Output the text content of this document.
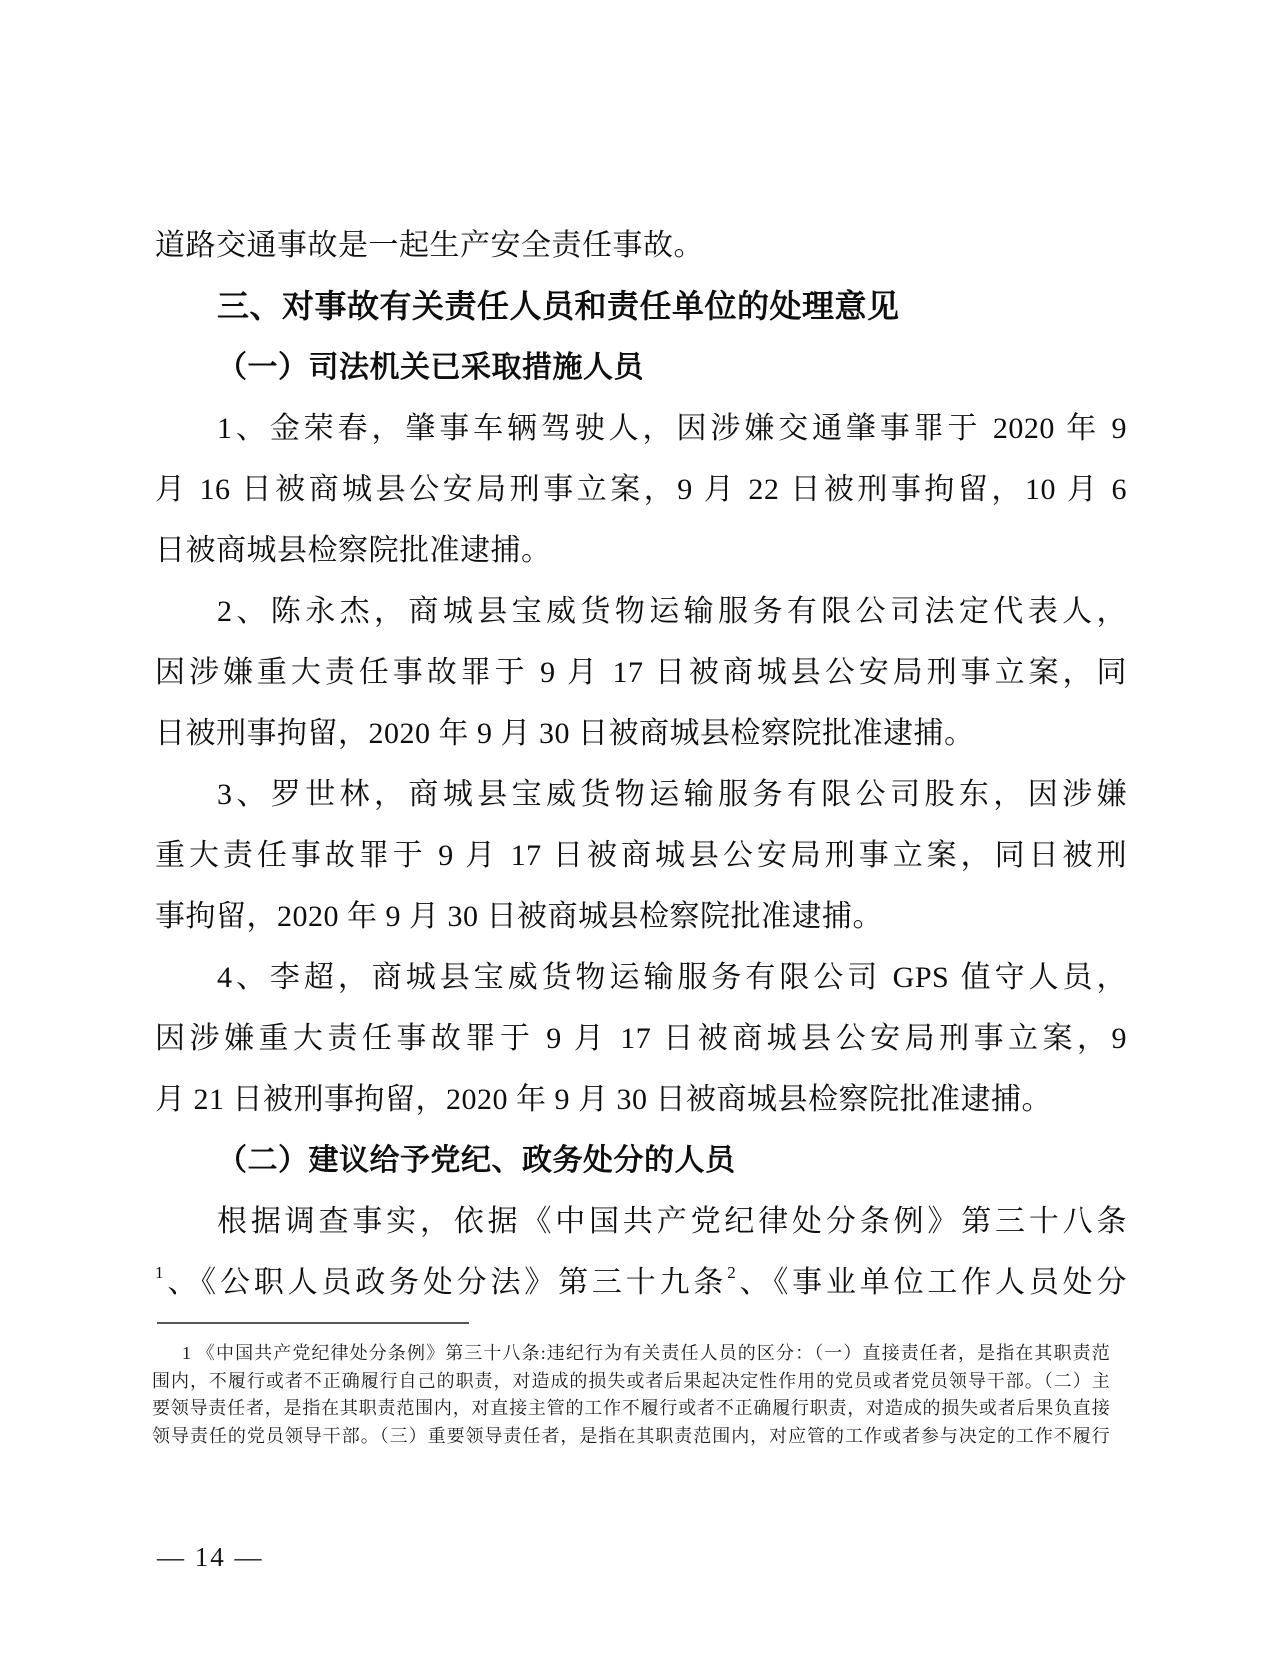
道路交通事故是一起生产安全责任事故。
三、对事故有关责任人员和责任单位的处理意见
（一）司法机关已采取措施人员
1、金荣春，肇事车辆驾驶人，因涉嫌交通肇事罪于 2020 年 9
月 16 日被商城县公安局刑事立案，9 月 22 日被刑事拘留，10 月 6
日被商城县检察院批准逮捕。
2、陈永杰，商城县宝威货物运输服务有限公司法定代表人，
因涉嫌重大责任事故罪于 9 月 17 日被商城县公安局刑事立案，同
日被刑事拘留，2020 年 9 月 30 日被商城县检察院批准逮捕。
3、罗世林，商城县宝威货物运输服务有限公司股东，因涉嫌
重大责任事故罪于 9 月 17 日被商城县公安局刑事立案，同日被刑
事拘留，2020 年 9 月 30 日被商城县检察院批准逮捕。
4、李超，商城县宝威货物运输服务有限公司 GPS 值守人员，
因涉嫌重大责任事故罪于 9 月 17 日被商城县公安局刑事立案，9
月 21 日被刑事拘留，2020 年 9 月 30 日被商城县检察院批准逮捕。
（二）建议给予党纪、政务处分的人员
根据调查事实，依据《中国共产党纪律处分条例》第三十八条
$^1$、《公职人员政务处分法》第三十九条$^2$、《事业单位工作人员处分
1 《中国共产党纪律处分条例》第三十八条:违纪行为有关责任人员的区分：（一）直接责任者，是指在其职责范
围内，不履行或者不正确履行自己的职责，对造成的损失或者后果起决定性作用的党员或者党员领导干部。（二）主
要领导责任者，是指在其职责范围内，对直接主管的工作不履行或者不正确履行职责，对造成的损失或者后果负直接
领导责任的党员领导干部。（三）重要领导责任者，是指在其职责范围内，对应管的工作或者参与决定的工作不履行
— 14 —
